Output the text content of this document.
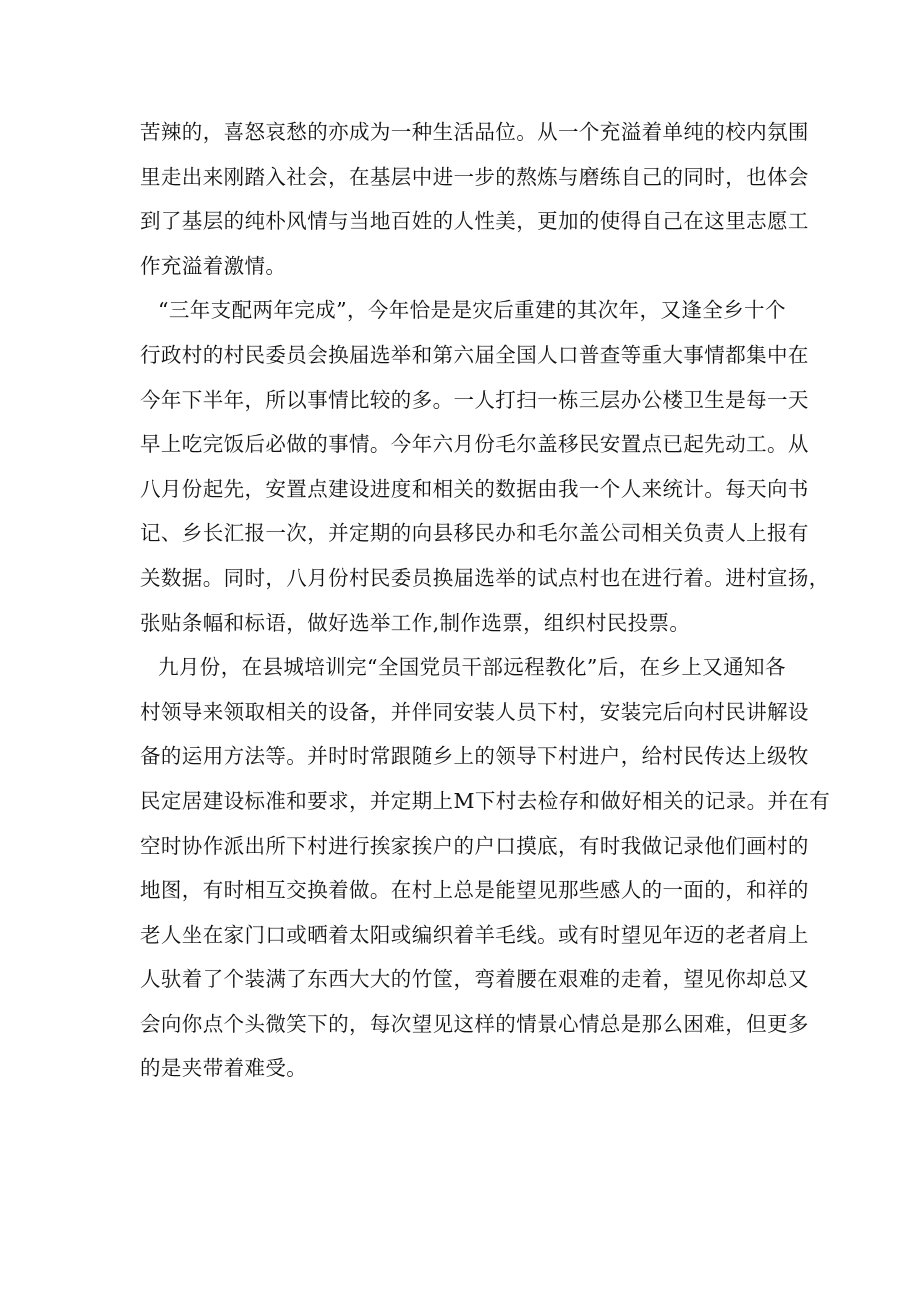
苦辣的，喜怒哀愁的亦成为一种生活品位。从一个充溢着单纯的校内氛围
里走出来刚踏入社会，在基层中进一步的熬炼与磨练自己的同时，也体会
到了基层的纯朴风情与当地百姓的人性美，更加的使得自己在这里志愿工
作充溢着激情。
“三年支配两年完成”，今年恰是是灾后重建的其次年，又逢全乡十个
行政村的村民委员会换届选举和第六届全国人口普查等重大事情都集中在
今年下半年，所以事情比较的多。一人打扫一栋三层办公楼卫生是每一天
早上吃完饭后必做的事情。今年六月份毛尔盖移民安置点已起先动工。从
八月份起先，安置点建设进度和相关的数据由我一个人来统计。每天向书
记、乡长汇报一次，并定期的向县移民办和毛尔盖公司相关负责人上报有
关数据。同时，八月份村民委员换届选举的试点村也在进行着。进村宣扬，
张贴条幅和标语，做好选举工作,制作选票，组织村民投票。
九月份，在县城培训完“全国党员干部远程教化”后，在乡上又通知各
村领导来领取相关的设备，并伴同安装人员下村，安装完后向村民讲解设
备的运用方法等。并时时常跟随乡上的领导下村进户，给村民传达上级牧
民定居建设标准和要求，并定期上M下村去检存和做好相关的记录。并在有
空时协作派出所下村进行挨家挨户的户口摸底，有时我做记录他们画村的
地图，有时相互交换着做。在村上总是能望见那些感人的一面的，和祥的
老人坐在家门口或晒着太阳或编织着羊毛线。或有时望见年迈的老者肩上
人驮着了个装满了东西大大的竹筐，弯着腰在艰难的走着，望见你却总又
会向你点个头微笑下的，每次望见这样的情景心情总是那么困难，但更多
的是夹带着难受。
